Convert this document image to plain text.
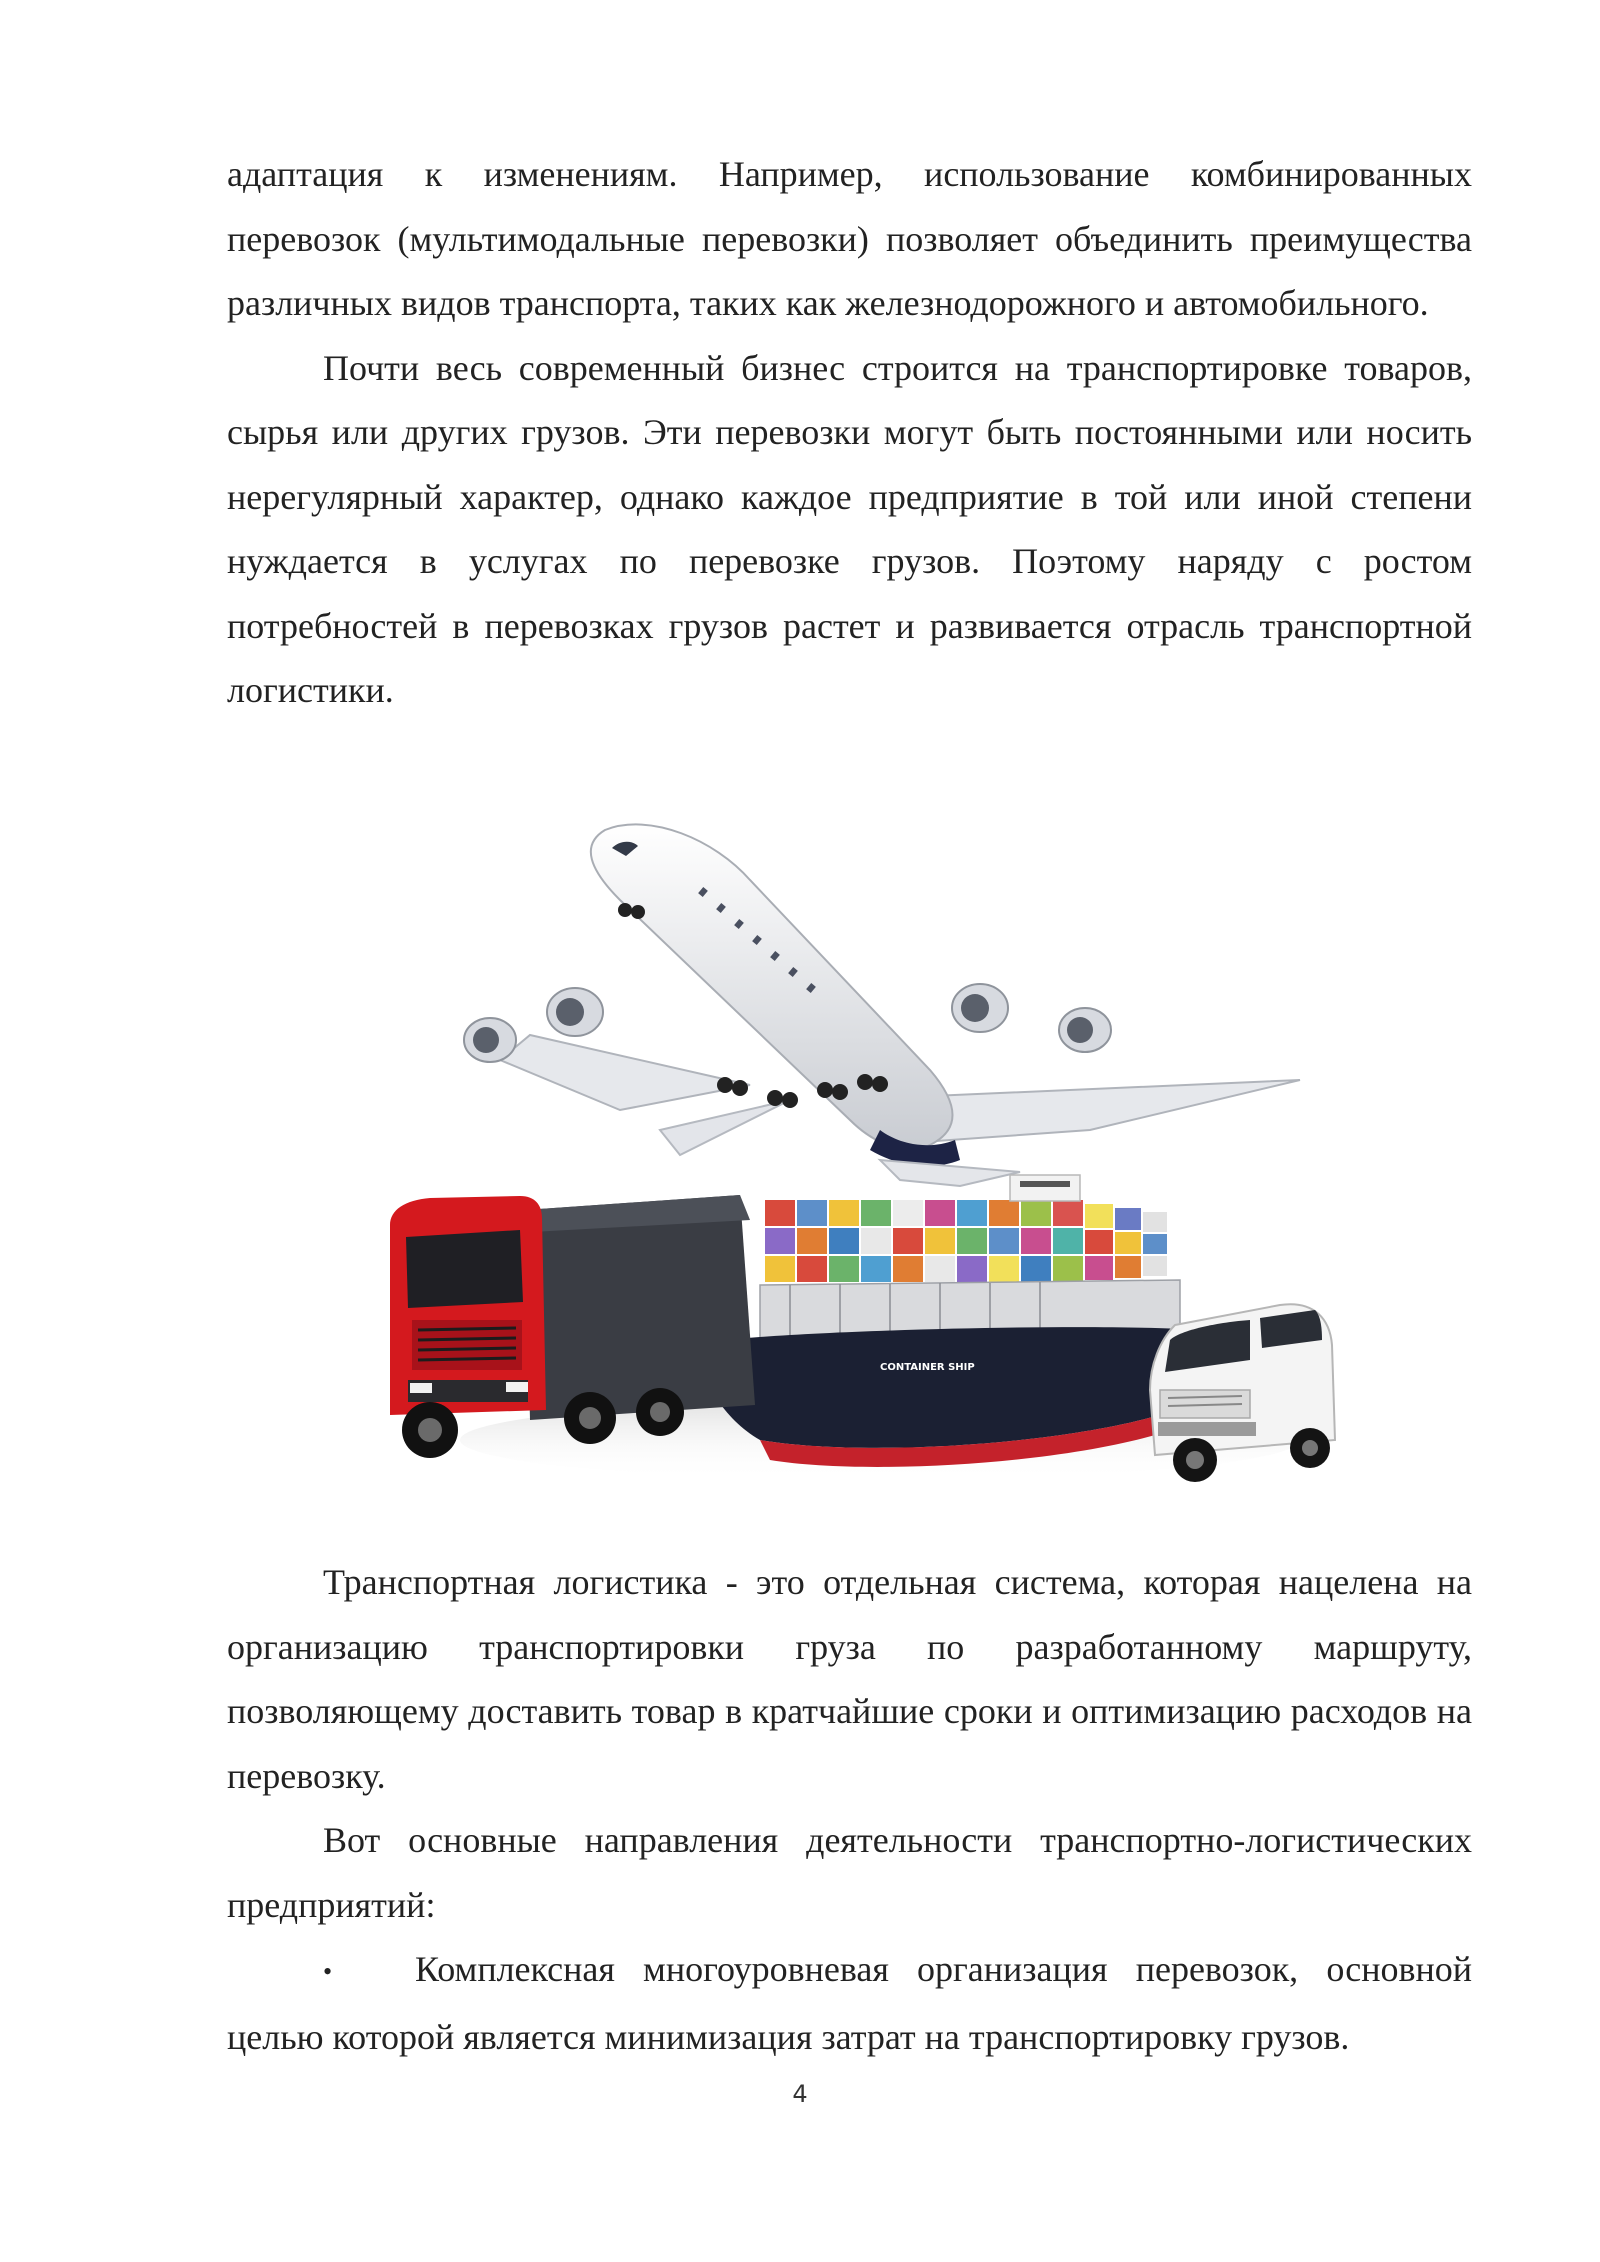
адаптация к изменениям. Например, использование комбинированных перевозок (мультимодальные перевозки) позволяет объединить преимущества различных видов транспорта, таких как железнодорожного и автомобильного.

Почти весь современный бизнес строится на транспортировке товаров, сырья или других грузов. Эти перевозки могут быть постоянными или носить нерегулярный характер, однако каждое предприятие в той или иной степени нуждается в услугах по перевозке грузов. Поэтому наряду с ростом потребностей в перевозках грузов растет и развивается отрасль транспортной логистики.

CONTAINER SHIP

Транспортная логистика - это отдельная система, которая нацелена на организацию транспортировки груза по разработанному маршруту, позволяющему доставить товар в кратчайшие сроки и оптимизацию расходов на перевозку.

Вот основные направления деятельности транспортно-логистических предприятий:

• Комплексная многоуровневая организация перевозок, основной целью которой является минимизация затрат на транспортировку грузов.

4
